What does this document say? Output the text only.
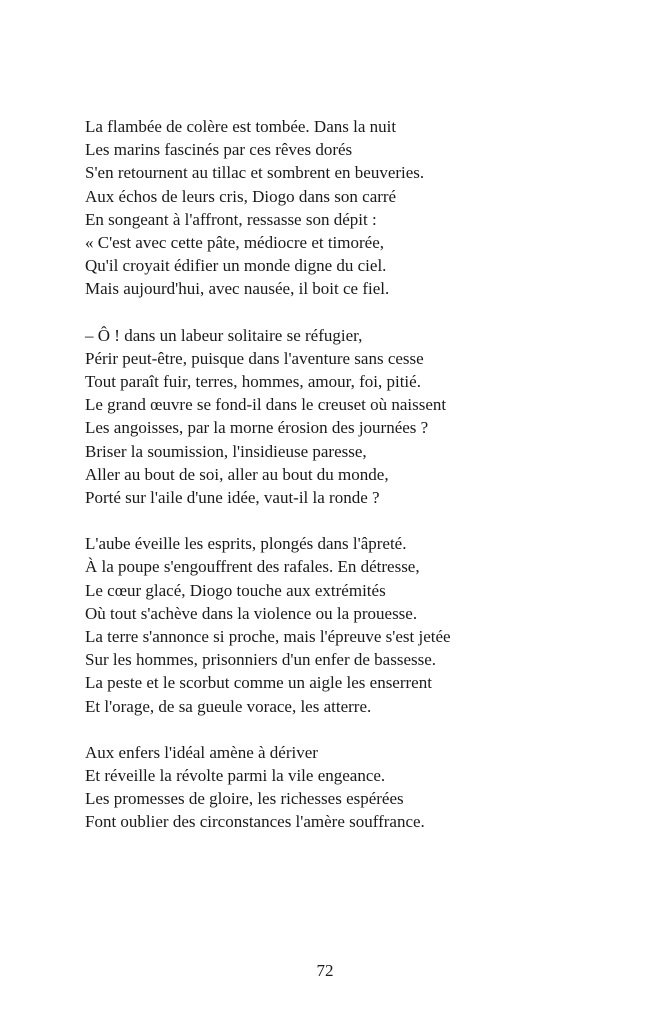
La flambée de colère est tombée. Dans la nuit
Les marins fascinés par ces rêves dorés
S'en retournent au tillac et sombrent en beuveries.
Aux échos de leurs cris, Diogo dans son carré
En songeant à l'affront, ressasse son dépit :
« C'est avec cette pâte, médiocre et timorée,
Qu'il croyait édifier un monde digne du ciel.
Mais aujourd'hui, avec nausée, il boit ce fiel.
– Ô ! dans un labeur solitaire se réfugier,
Périr peut-être, puisque dans l'aventure sans cesse
Tout paraît fuir, terres, hommes, amour, foi, pitié.
Le grand œuvre se fond-il dans le creuset où naissent
Les angoisses, par la morne érosion des journées ?
Briser la soumission, l'insidieuse paresse,
Aller au bout de soi, aller au bout du monde,
Porté sur l'aile d'une idée, vaut-il la ronde ?
L'aube éveille les esprits, plongés dans l'âpreté.
À la poupe s'engouffrent des rafales. En détresse,
Le cœur glacé, Diogo touche aux extrémités
Où tout s'achève dans la violence ou la prouesse.
La terre s'annonce si proche, mais l'épreuve s'est jetée
Sur les hommes, prisonniers d'un enfer de bassesse.
La peste et le scorbut comme un aigle les enserrent
Et l'orage, de sa gueule vorace, les atterre.
Aux enfers l'idéal amène à dériver
Et réveille la révolte parmi la vile engeance.
Les promesses de gloire, les richesses espérées
Font oublier des circonstances l'amère souffrance.
72
